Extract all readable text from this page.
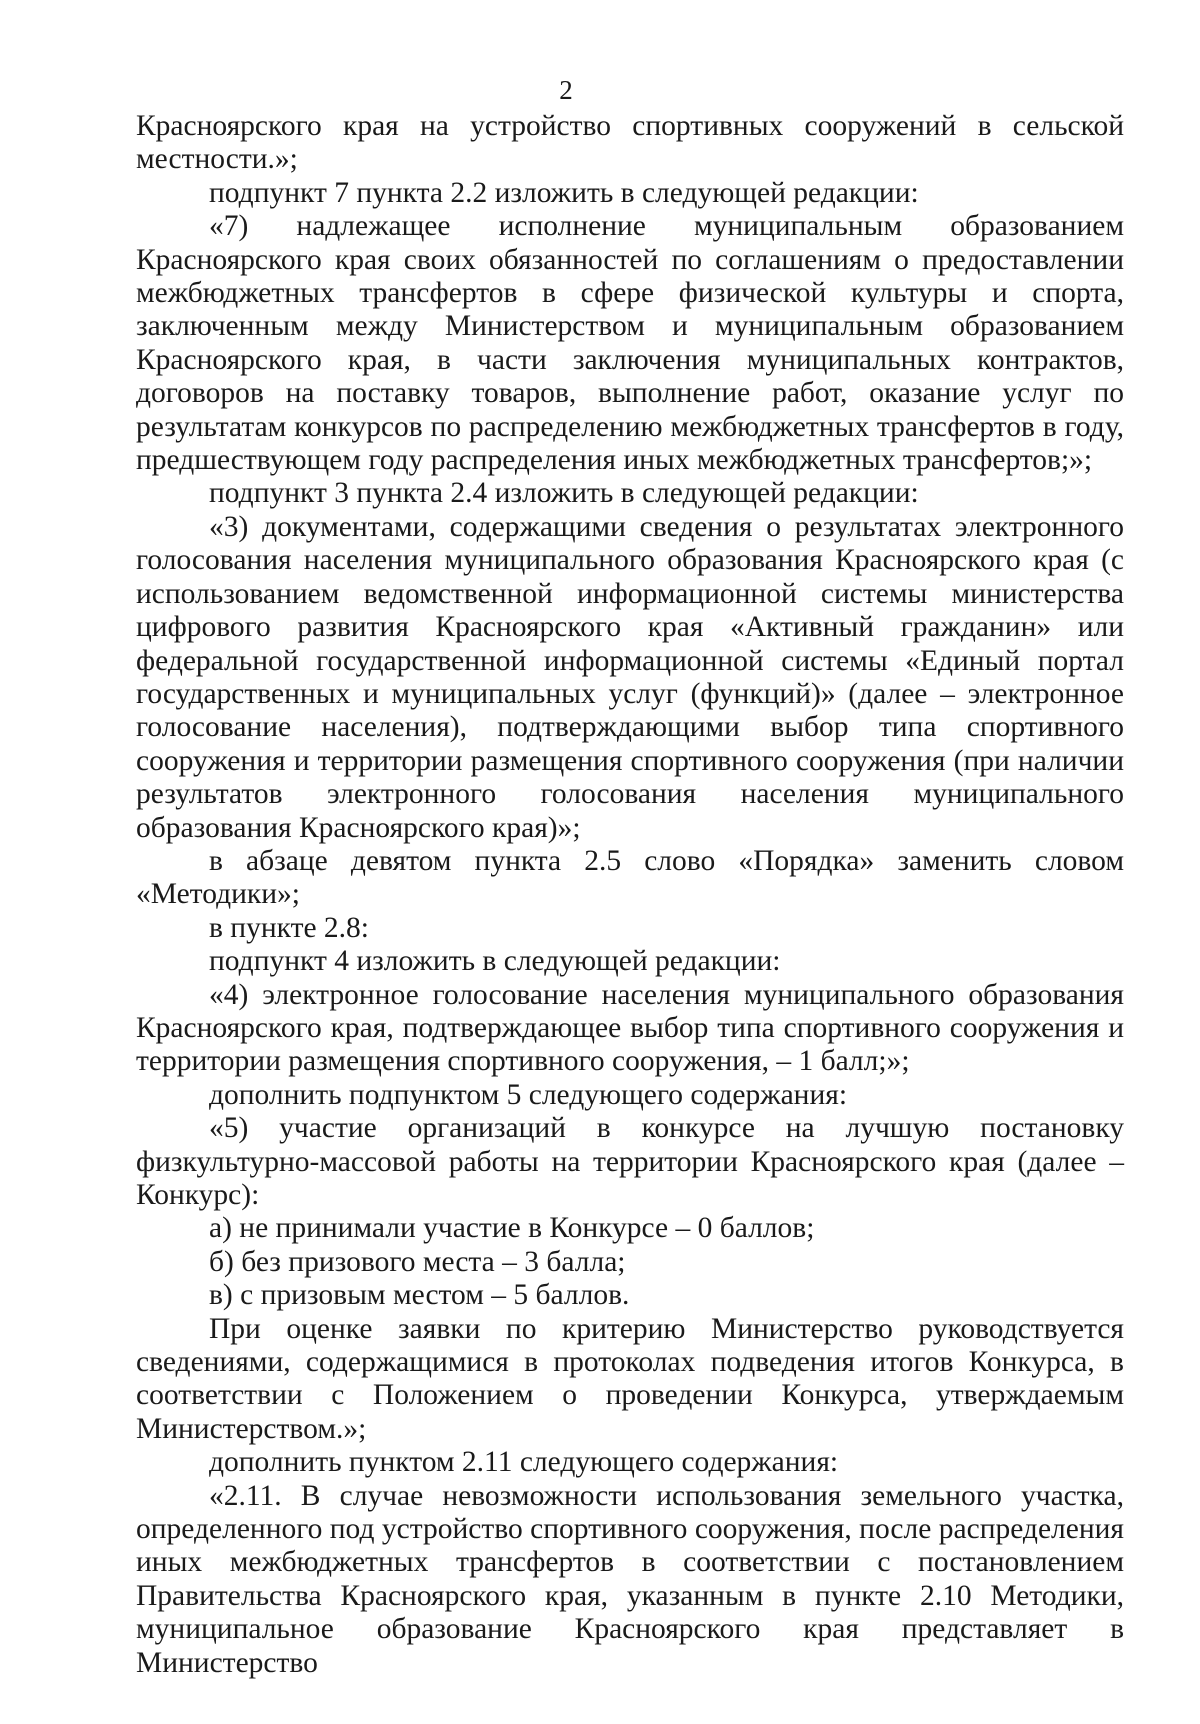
2

Красноярского края на устройство спортивных сооружений в сельской местности.»;

подпункт 7 пункта 2.2 изложить в следующей редакции:

«7) надлежащее исполнение муниципальным образованием Красноярского края своих обязанностей по соглашениям о предоставлении межбюджетных трансфертов в сфере физической культуры и спорта, заключенным между Министерством и муниципальным образованием Красноярского края, в части заключения муниципальных контрактов, договоров на поставку товаров, выполнение работ, оказание услуг по результатам конкурсов по распределению межбюджетных трансфертов в году, предшествующем году распределения иных межбюджетных трансфертов;»;

подпункт 3 пункта 2.4 изложить в следующей редакции:

«3) документами, содержащими сведения о результатах электронного голосования населения муниципального образования Красноярского края (с использованием ведомственной информационной системы министерства цифрового развития Красноярского края «Активный гражданин» или федеральной государственной информационной системы «Единый портал государственных и муниципальных услуг (функций)» (далее – электронное голосование населения), подтверждающими выбор типа спортивного сооружения и территории размещения спортивного сооружения (при наличии результатов электронного голосования населения муниципального образования Красноярского края)»;

в абзаце девятом пункта 2.5 слово «Порядка» заменить словом «Методики»;

в пункте 2.8:

подпункт 4 изложить в следующей редакции:

«4) электронное голосование населения муниципального образования Красноярского края, подтверждающее выбор типа спортивного сооружения и территории размещения спортивного сооружения, – 1 балл;»;

дополнить подпунктом 5 следующего содержания:

«5) участие организаций в конкурсе на лучшую постановку физкультурно-массовой работы на территории Красноярского края (далее – Конкурс):

а) не принимали участие в Конкурсе – 0 баллов;

б) без призового места – 3 балла;

в) с призовым местом – 5 баллов.

При оценке заявки по критерию Министерство руководствуется сведениями, содержащимися в протоколах подведения итогов Конкурса, в соответствии с Положением о проведении Конкурса, утверждаемым Министерством.»;

дополнить пунктом 2.11 следующего содержания:

«2.11. В случае невозможности использования земельного участка, определенного под устройство спортивного сооружения, после распределения иных межбюджетных трансфертов в соответствии с постановлением Правительства Красноярского края, указанным в пункте 2.10 Методики, муниципальное образование Красноярского края представляет в Министерство
